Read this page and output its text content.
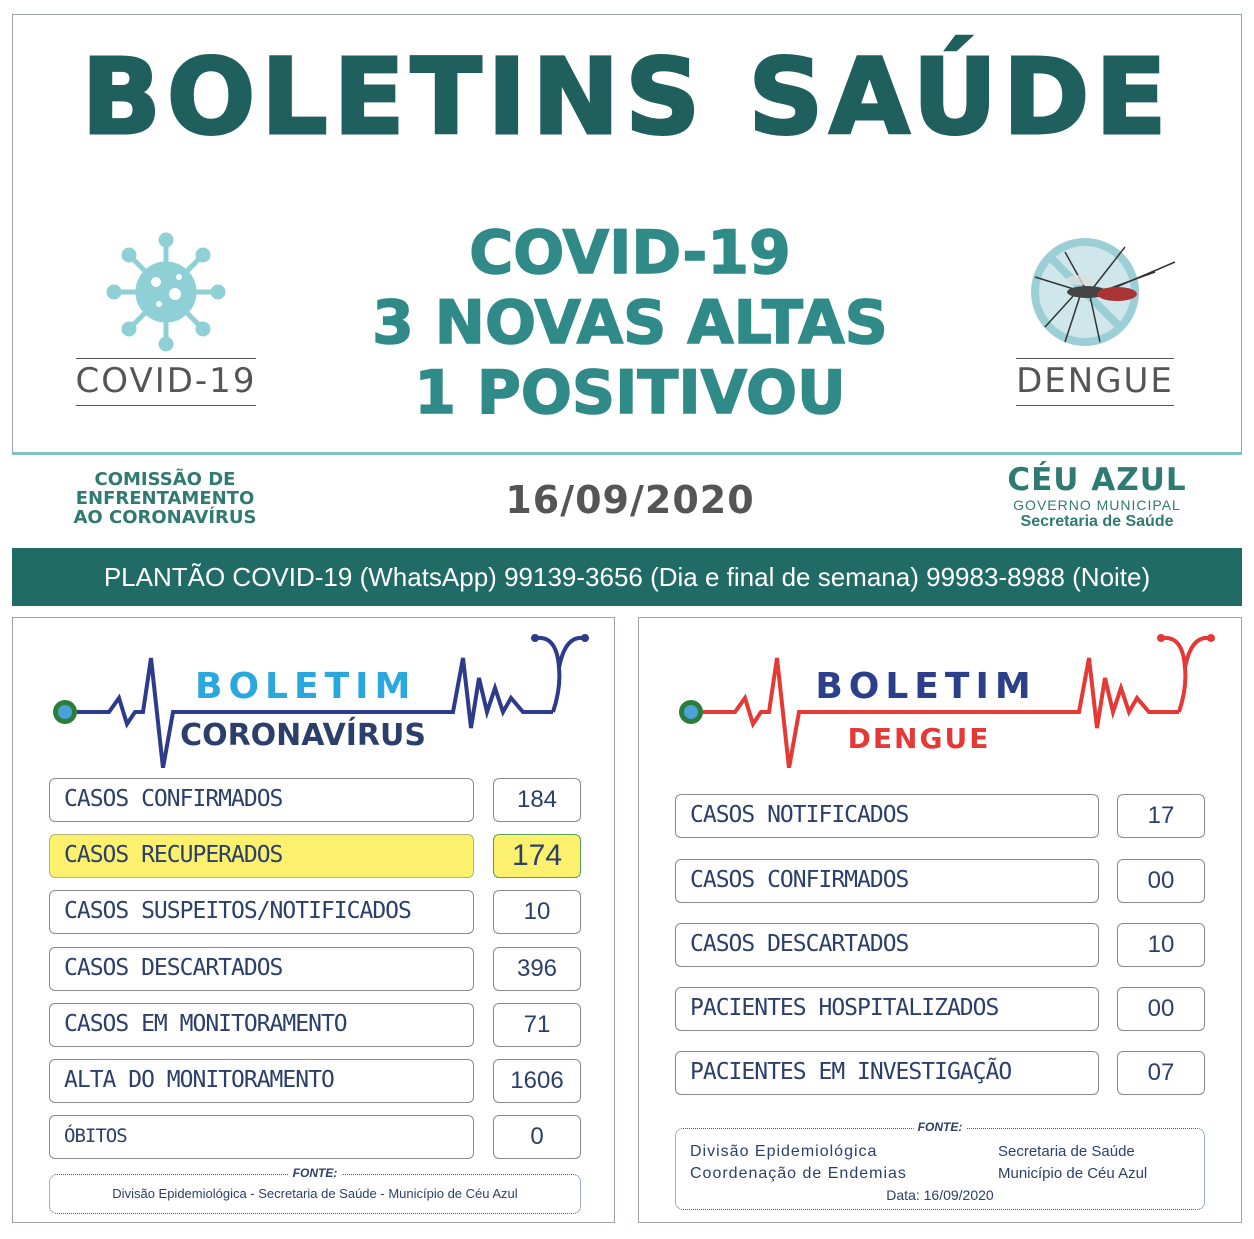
BOLETINS SAÚDE
COVID-19
COVID-19
3 NOVAS ALTAS
1 POSITIVOU	DENGUE
COMISSÃO DE
ENFRENTAMENTO
AO CORONAVÍRUS	16/09/2020	CÉU AZUL
GOVERNO MUNICIPAL
Secretaria de Saúde
PLANTÃO COVID-19 (WhatsApp) 99139-3656 (Dia e final de semana) 99983-8988 (Noite)
BOLETIM
CORONAVÍRUS
CASOS CONFIRMADOS	184
CASOS RECUPERADOS	174
CASOS SUSPEITOS/NOTIFICADOS	10
CASOS DESCARTADOS	396
CASOS EM MONITORAMENTO	71
ALTA DO MONITORAMENTO	1606
ÓBITOS	0
FONTE:
Divisão Epidemiológica - Secretaria de Saúde - Município de Céu Azul
BOLETIM
DENGUE
CASOS NOTIFICADOS	17
CASOS CONFIRMADOS	00
CASOS DESCARTADOS	10
PACIENTES HOSPITALIZADOS	00
PACIENTES EM INVESTIGAÇÃO	07
FONTE:
Divisão Epidemiológica
Coordenação de Endemias
Secretaria de Saúde
Município de Céu Azul
Data: 16/09/2020
